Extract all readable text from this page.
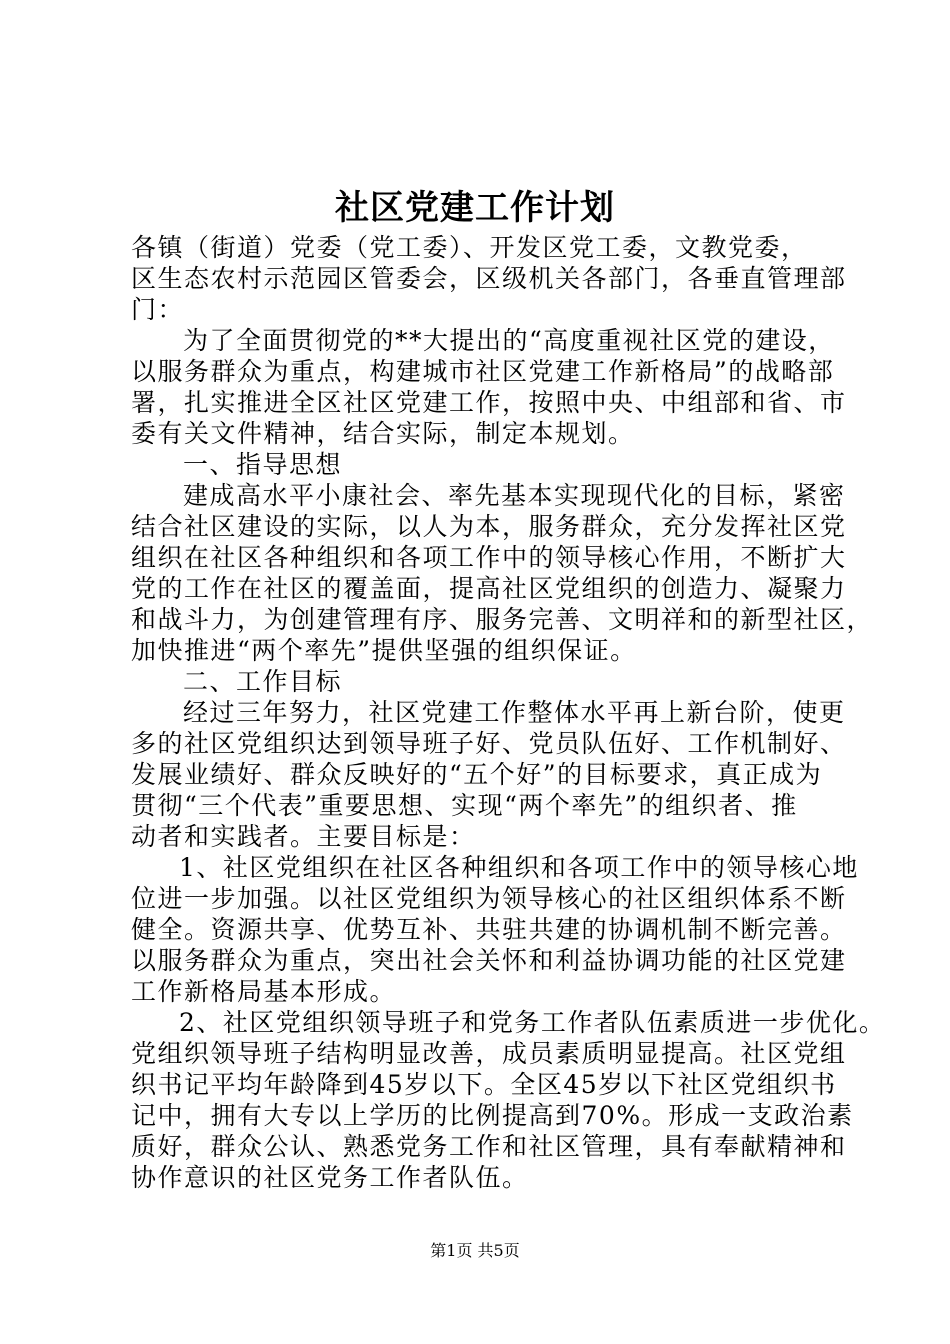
社区党建工作计划
各镇（街道）党委（党工委）、开发区党工委，文教党委，
区生态农村示范园区管委会，区级机关各部门，各垂直管理部
门：
为了全面贯彻党的**大提出的“高度重视社区党的建设，
以服务群众为重点，构建城市社区党建工作新格局”的战略部
署，扎实推进全区社区党建工作，按照中央、中组部和省、市
委有关文件精神，结合实际，制定本规划。
一、指导思想
建成高水平小康社会、率先基本实现现代化的目标，紧密
结合社区建设的实际，以人为本，服务群众，充分发挥社区党
组织在社区各种组织和各项工作中的领导核心作用，不断扩大
党的工作在社区的覆盖面，提高社区党组织的创造力、凝聚力
和战斗力，为创建管理有序、服务完善、文明祥和的新型社区，
加快推进“两个率先”提供坚强的组织保证。
二、工作目标
经过三年努力，社区党建工作整体水平再上新台阶，使更
多的社区党组织达到领导班子好、党员队伍好、工作机制好、
发展业绩好、群众反映好的“五个好”的目标要求，真正成为
贯彻“三个代表”重要思想、实现“两个率先”的组织者、推
动者和实践者。主要目标是：
1、社区党组织在社区各种组织和各项工作中的领导核心地
位进一步加强。以社区党组织为领导核心的社区组织体系不断
健全。资源共享、优势互补、共驻共建的协调机制不断完善。
以服务群众为重点，突出社会关怀和利益协调功能的社区党建
工作新格局基本形成。
2、社区党组织领导班子和党务工作者队伍素质进一步优化。
党组织领导班子结构明显改善，成员素质明显提高。社区党组
织书记平均年龄降到45岁以下。全区45岁以下社区党组织书
记中，拥有大专以上学历的比例提高到70%。形成一支政治素
质好，群众公认、熟悉党务工作和社区管理，具有奉献精神和
协作意识的社区党务工作者队伍。
第1页 共5页
